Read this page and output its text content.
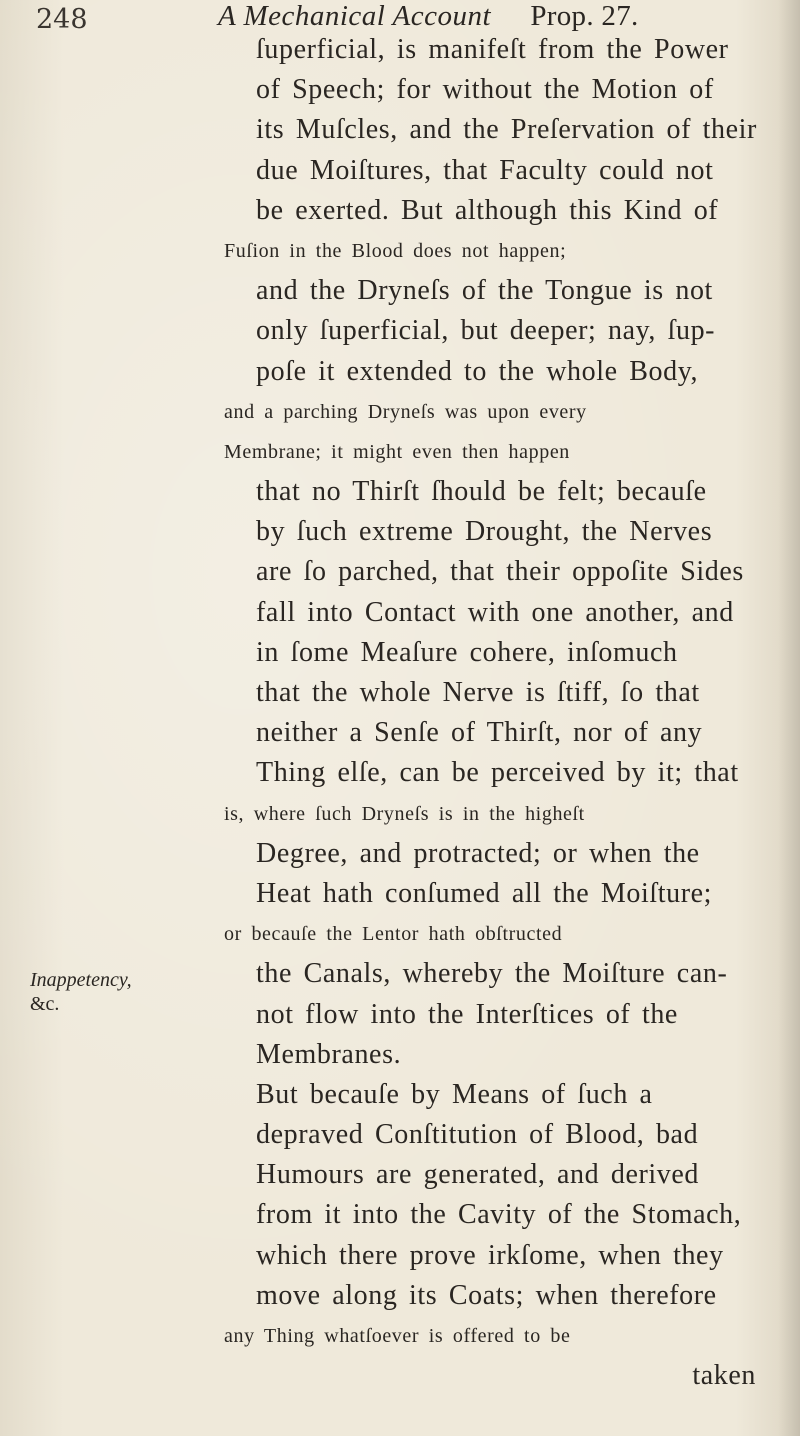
248	A Mechanical Account Prop. 27.
Inappetency,
&c.
ſuperficial, is manifeſt from the Power
of Speech; for without the Motion of
its Muſcles, and the Preſervation of their
due Moiſtures, that Faculty could not
be exerted. But although this Kind of
Fuſion in the Blood does not happen;
and the Dryneſs of the Tongue is not
only ſuperficial, but deeper; nay, ſup-
poſe it extended to the whole Body,
and a parching Dryneſs was upon every
Membrane; it might even then happen
that no Thirſt ſhould be felt; becauſe
by ſuch extreme Drought, the Nerves
are ſo parched, that their oppoſite Sides
fall into Contact with one another, and
in ſome Meaſure cohere, inſomuch
that the whole Nerve is ſtiff, ſo that
neither a Senſe of Thirſt, nor of any
Thing elſe, can be perceived by it; that
is, where ſuch Dryneſs is in the higheſt
Degree, and protracted; or when the
Heat hath conſumed all the Moiſture;
or becauſe the Lentor hath obſtructed
the Canals, whereby the Moiſture can-
not flow into the Interſtices of the
Membranes.
But becauſe by Means of ſuch a
depraved Conſtitution of Blood, bad
Humours are generated, and derived
from it into the Cavity of the Stomach,
which there prove irkſome, when they
move along its Coats; when therefore
any Thing whatſoever is offered to be
taken
